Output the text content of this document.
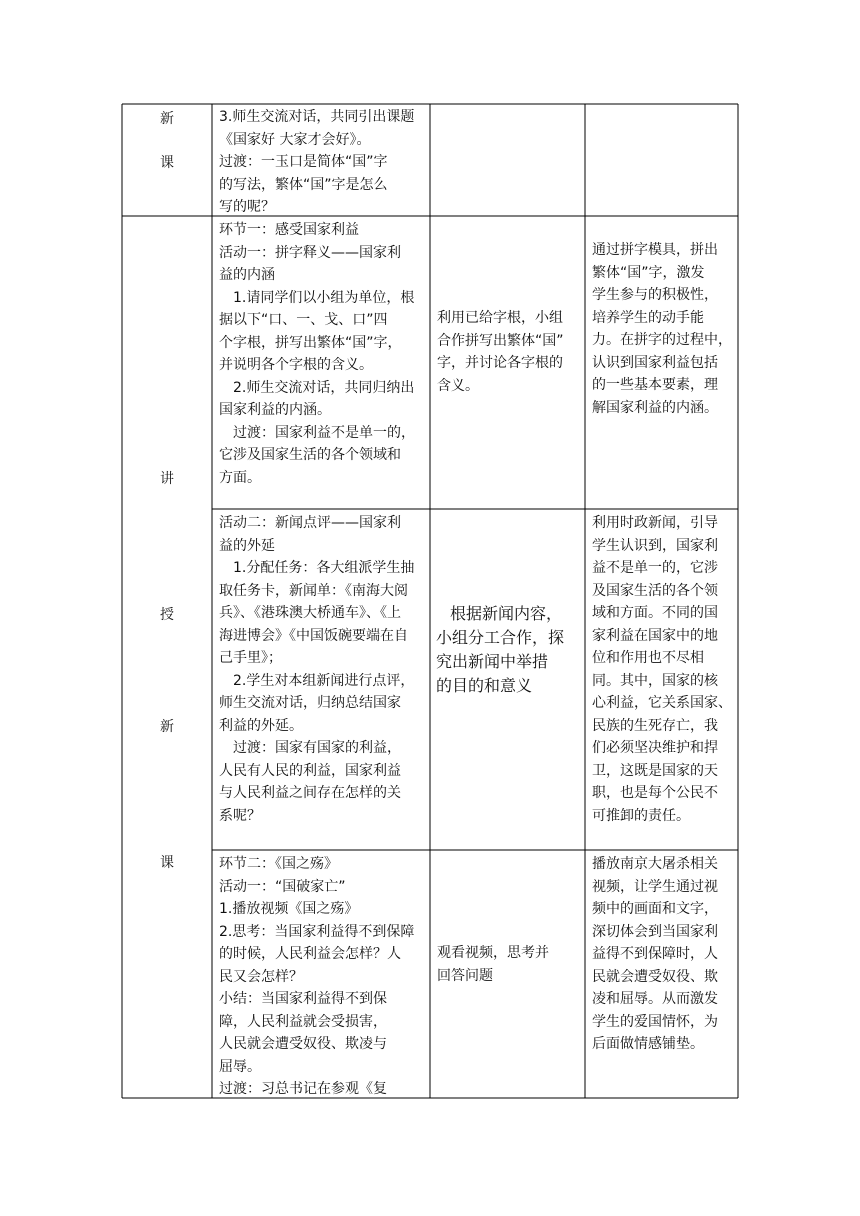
新
课
讲
授
新
课

3.师生交流对话，共同引出课题

《国家好 大家才会好》。

过渡：一玉口是简体“国”字

的写法，繁体“国”字是怎么

写的呢？

环节一：感受国家利益

活动一：拼字释义——国家利

益的内涵

1.请同学们以小组为单位，根

据以下“口、一、戈、口”四

个字根，拼写出繁体“国”字，

并说明各个字根的含义。

2.师生交流对话，共同归纳出

国家利益的内涵。

过渡：国家利益不是单一的，

它涉及国家生活的各个领域和

方面。

利用已给字根，小组

合作拼写出繁体“国”

字，并讨论各字根的

含义。

通过拼字模具，拼出

繁体“国”字，激发

学生参与的积极性，

培养学生的动手能

力。在拼字的过程中，

认识到国家利益包括

的一些基本要素，理

解国家利益的内涵。

活动二：新闻点评——国家利

益的外延

1.分配任务：各大组派学生抽

取任务卡，新闻单：《南海大阅

兵》、《港珠澳大桥通车》、《上

海进博会》《中国饭碗要端在自

己手里》；

2.学生对本组新闻进行点评，

师生交流对话，归纳总结国家

利益的外延。

过渡：国家有国家的利益，

人民有人民的利益，国家利益

与人民利益之间存在怎样的关

系呢？

根据新闻内容，

小组分工合作，探

究出新闻中举措

的目的和意义

利用时政新闻，引导

学生认识到，国家利

益不是单一的，它涉

及国家生活的各个领

域和方面。不同的国

家利益在国家中的地

位和作用也不尽相

同。其中，国家的核

心利益，它关系国家、

民族的生死存亡，我

们必须坚决维护和捍

卫，这既是国家的天

职，也是每个公民不

可推卸的责任。

环节二：《国之殇》

活动一：“国破家亡”

1.播放视频《国之殇》

2.思考：当国家利益得不到保障

的时候，人民利益会怎样？人

民又会怎样？

小结：当国家利益得不到保

障，人民利益就会受损害，

人民就会遭受奴役、欺凌与

屈辱。

过渡：习总书记在参观《复

观看视频，思考并

回答问题

播放南京大屠杀相关

视频，让学生通过视

频中的画面和文字，

深切体会到当国家利

益得不到保障时，人

民就会遭受奴役、欺

凌和屈辱。从而激发

学生的爱国情怀，为

后面做情感铺垫。
